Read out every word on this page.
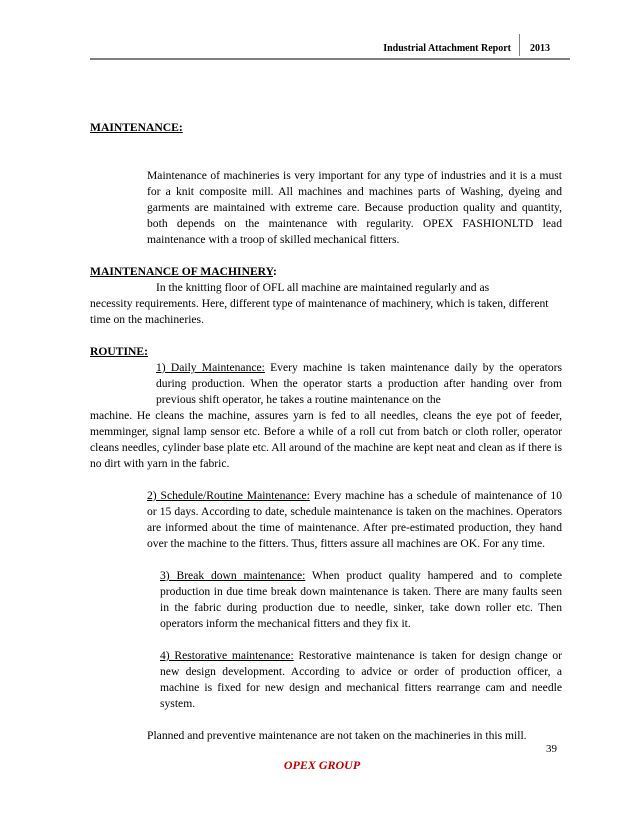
Industrial Attachment Report	2013

MAINTENANCE:

Maintenance of machineries is very important for any type of industries and it is a must for a knit composite mill. All machines and machines parts of Washing, dyeing and garments are maintained with extreme care. Because production quality and quantity, both depends on the maintenance with regularity. OPEX FASHIONLTD lead maintenance with a troop of skilled mechanical fitters.

MAINTENANCE OF MACHINERY:

In the knitting floor of OFL all machine are maintained regularly and as

necessity requirements. Here, different type of maintenance of machinery, which is taken, different time on the machineries.

ROUTINE:

1) Daily Maintenance: Every machine is taken maintenance daily by the operators during production. When the operator starts a production after handing over from previous shift operator, he takes a routine maintenance on the

machine. He cleans the machine, assures yarn is fed to all needles, cleans the eye pot of feeder, memminger, signal lamp sensor etc. Before a while of a roll cut from batch or cloth roller, operator cleans needles, cylinder base plate etc. All around of the machine are kept neat and clean as if there is no dirt with yarn in the fabric.

2) Schedule/Routine Maintenance: Every machine has a schedule of maintenance of 10 or 15 days. According to date, schedule maintenance is taken on the machines. Operators are informed about the time of maintenance. After pre-estimated production, they hand over the machine to the fitters. Thus, fitters assure all machines are OK. For any time.

3) Break down maintenance: When product quality hampered and to complete production in due time break down maintenance is taken. There are many faults seen in the fabric during production due to needle, sinker, take down roller etc. Then operators inform the mechanical fitters and they fix it.

4) Restorative maintenance: Restorative maintenance is taken for design change or new design development. According to advice or order of production officer, a machine is fixed for new design and mechanical fitters rearrange cam and needle system.

Planned and preventive maintenance are not taken on the machineries in this mill.

39
OPEX GROUP
